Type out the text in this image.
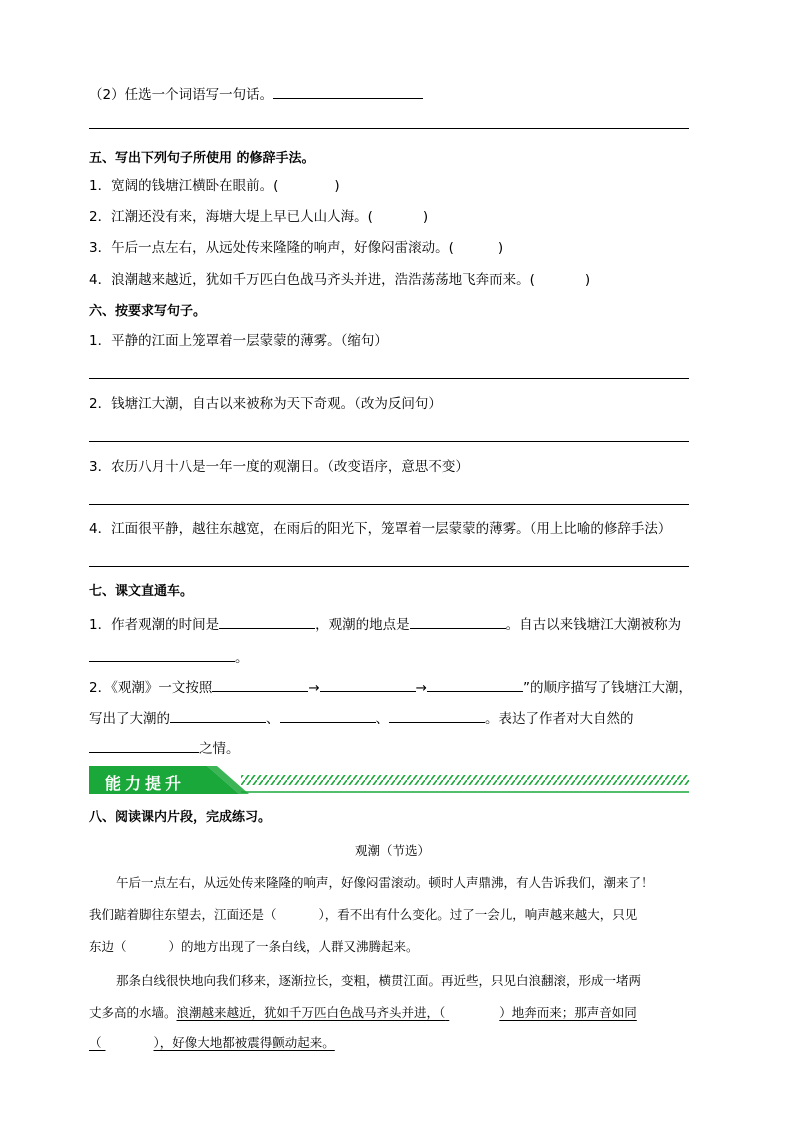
（2）任选一个词语写一句话。
五、写出下列句子所使用 的修辞手法。
1．宽阔的钱塘江横卧在眼前。(	)
2．江潮还没有来，海塘大堤上早已人山人海。(	)
3．午后一点左右，从远处传来隆隆的响声，好像闷雷滚动。(	)
4．浪潮越来越近，犹如千万匹白色战马齐头并进，浩浩荡荡地飞奔而来。(	)
六、按要求写句子。
1．平静的江面上笼罩着一层蒙蒙的薄雾。（缩句）
2．钱塘江大潮，自古以来被称为天下奇观。（改为反问句）
3．农历八月十八是一年一度的观潮日。（改变语序，意思不变）
4．江面很平静，越往东越宽，在雨后的阳光下，笼罩着一层蒙蒙的薄雾。（用上比喻的修辞手法）
七、课文直通车。
1．作者观潮的时间是	，观潮的地点是	。自古以来钱塘江大潮被称为
。
2．《观潮》一文按照	→	→	”的顺序描写了钱塘江大潮，
写出了大潮的	、	、	。表达了作者对大自然的
之情。
能力提升
八、阅读课内片段，完成练习。
观潮（节选）
午后一点左右，从远处传来隆隆的响声，好像闷雷滚动。顿时人声鼎沸，有人告诉我们，潮来了！
我们踮着脚往东望去，江面还是（	），看不出有什么变化。过了一会儿，响声越来越大，只见
东边（	）的地方出现了一条白线，人群又沸腾起来。
那条白线很快地向我们移来，逐渐拉长，变粗，横贯江面。再近些，只见白浪翻滚，形成一堵两
丈多高的水墙。浪潮越来越近，犹如千万匹白色战马齐头并进，（	）地奔而来；那声音如同
（	），好像大地都被震得颤动起来。
